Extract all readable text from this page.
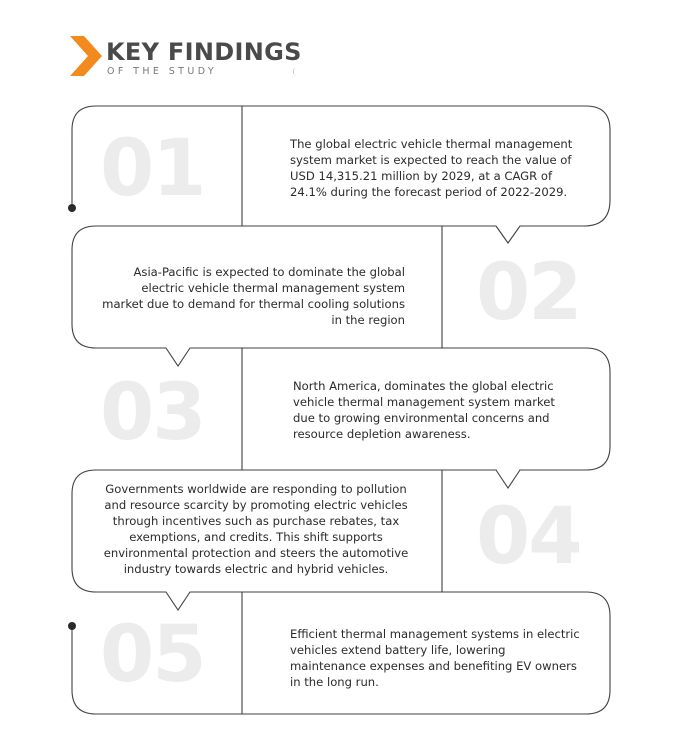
KEY FINDINGS
OF THE STUDY
01
02
03
04
05
The global electric vehicle thermal management system market is expected to reach the value of USD 14,315.21 million by 2029, at a CAGR of 24.1% during the forecast period of 2022-2029.
Asia-Pacific is expected to dominate the global electric vehicle thermal management system market due to demand for thermal cooling solutions in the region
North America, dominates the global electric vehicle thermal management system market due to growing environmental concerns and resource depletion awareness.
Governments worldwide are responding to pollution and resource scarcity by promoting electric vehicles through incentives such as purchase rebates, tax exemptions, and credits. This shift supports environmental protection and steers the automotive industry towards electric and hybrid vehicles.
Efficient thermal management systems in electric vehicles extend battery life, lowering maintenance expenses and benefiting EV owners in the long run.
